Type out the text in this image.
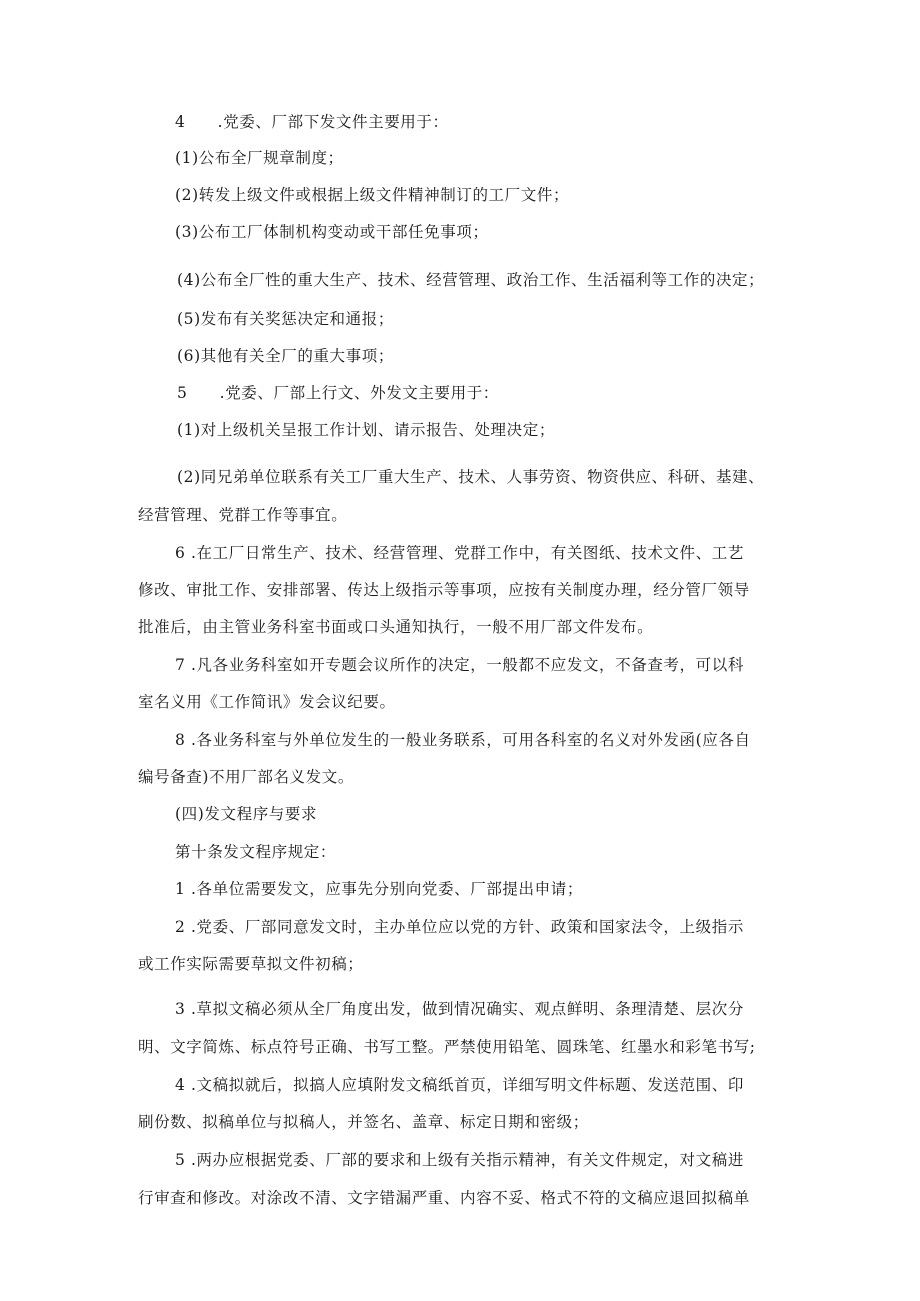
4　　.党委、厂部下发文件主要用于：
(1)公布全厂规章制度；
(2)转发上级文件或根据上级文件精神制订的工厂文件；
(3)公布工厂体制机构变动或干部任免事项；
(4)公布全厂性的重大生产、技术、经营管理、政治工作、生活福利等工作的决定；
(5)发布有关奖惩决定和通报；
(6)其他有关全厂的重大事项；
5　　.党委、厂部上行文、外发文主要用于：
(1)对上级机关呈报工作计划、请示报告、处理决定；
(2)同兄弟单位联系有关工厂重大生产、技术、人事劳资、物资供应、科研、基建、
经营管理、党群工作等事宜。
6 .在工厂日常生产、技术、经营管理、党群工作中，有关图纸、技术文件、工艺
修改、审批工作、安排部署、传达上级指示等事项，应按有关制度办理，经分管厂领导
批准后，由主管业务科室书面或口头通知执行，一般不用厂部文件发布。
7 .凡各业务科室如开专题会议所作的决定，一般都不应发文，不备查考，可以科
室名义用《工作简讯》发会议纪要。
8 .各业务科室与外单位发生的一般业务联系，可用各科室的名义对外发函(应各自
编号备查)不用厂部名义发文。
(四)发文程序与要求
第十条发文程序规定：
1 .各单位需要发文，应事先分别向党委、厂部提出申请；
2 .党委、厂部同意发文时，主办单位应以党的方针、政策和国家法令，上级指示
或工作实际需要草拟文件初稿；
3 .草拟文稿必须从全厂角度出发，做到情况确实、观点鲜明、条理清楚、层次分
明、文字简炼、标点符号正确、书写工整。严禁使用铅笔、圆珠笔、红墨水和彩笔书写;
4 .文稿拟就后，拟搞人应填附发文稿纸首页，详细写明文件标题、发送范围、印
刷份数、拟稿单位与拟稿人，并签名、盖章、标定日期和密级；
5 .两办应根据党委、厂部的要求和上级有关指示精神，有关文件规定，对文稿进
行审查和修改。对涂改不清、文字错漏严重、内容不妥、格式不符的文稿应退回拟稿单
